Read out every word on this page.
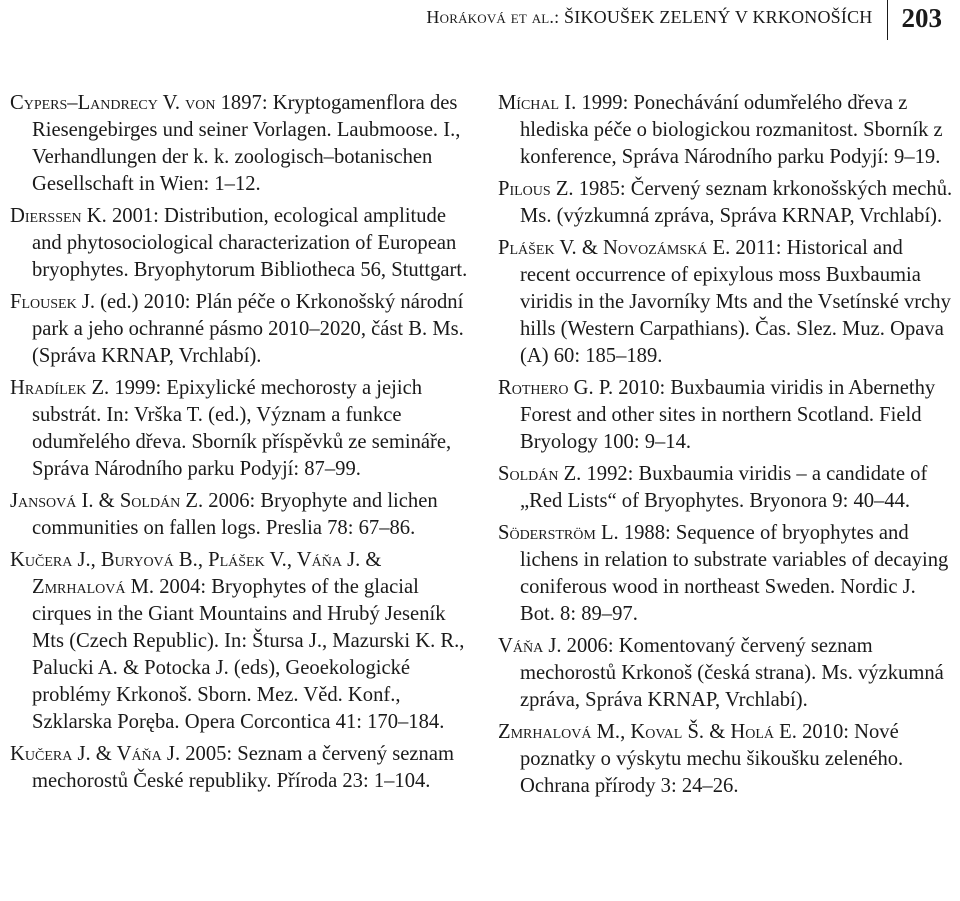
Horáková et al.: ŠIKOUŠEK ZELENÝ V KRKONOŠÍCH	203

Cypers–Landrecy V. von 1897: Kryptogamenflora des Riesengebirges und seiner Vorlagen. Laubmoose. I., Verhandlungen der k. k. zoologisch–botanischen Gesellschaft in Wien: 1–12.

Dierssen K. 2001: Distribution, ecological amplitude and phytosociological characterization of European bryophytes. Bryophytorum Bibliotheca 56, Stuttgart.

Flousek J. (ed.) 2010: Plán péče o Krkonošský národní park a jeho ochranné pásmo 2010–2020, část B. Ms. (Správa KRNAP, Vrchlabí).

Hradílek Z. 1999: Epixylické mechorosty a jejich substrát. In: Vrška T. (ed.), Význam a funkce odumřelého dřeva. Sborník příspěvků ze semináře, Správa Národního parku Podyjí: 87–99.

Jansová I. & Soldán Z. 2006: Bryophyte and lichen communities on fallen logs. Preslia 78: 67–86.

Kučera J., Buryová B., Plášek V., Váňa J. & Zmrhalová M. 2004: Bryophytes of the glacial cirques in the Giant Mountains and Hrubý Jeseník Mts (Czech Republic). In: Štursa J., Mazurski K. R., Palucki A. & Potocka J. (eds), Geoekologické problémy Krkonoš. Sborn. Mez. Věd. Konf., Szklarska Poręba. Opera Corcontica 41: 170–184.

Kučera J. & Váňa J. 2005: Seznam a červený seznam mechorostů České republiky. Příroda 23: 1–104.

Míchal I. 1999: Ponechávání odumřelého dřeva z hlediska péče o biologickou rozmanitost. Sborník z konference, Správa Národního parku Podyjí: 9–19.

Pilous Z. 1985: Červený seznam krkonošských mechů. Ms. (výzkumná zpráva, Správa KRNAP, Vrchlabí).

Plášek V. & Novozámská E. 2011: Historical and recent occurrence of epixylous moss Buxbaumia viridis in the Javorníky Mts and the Vsetínské vrchy hills (Western Carpathians). Čas. Slez. Muz. Opava (A) 60: 185–189.

Rothero G. P. 2010: Buxbaumia viridis in Abernethy Forest and other sites in northern Scotland. Field Bryology 100: 9–14.

Soldán Z. 1992: Buxbaumia viridis – a candidate of „Red Lists“ of Bryophytes. Bryonora 9: 40–44.

Söderström L. 1988: Sequence of bryophytes and lichens in relation to substrate variables of decaying coniferous wood in northeast Sweden. Nordic J. Bot. 8: 89–97.

Váňa J. 2006: Komentovaný červený seznam mechorostů Krkonoš (česká strana). Ms. výzkumná zpráva, Správa KRNAP, Vrchlabí).

Zmrhalová M., Koval Š. & Holá E. 2010: Nové poznatky o výskytu mechu šikoušku zeleného. Ochrana přírody 3: 24–26.
